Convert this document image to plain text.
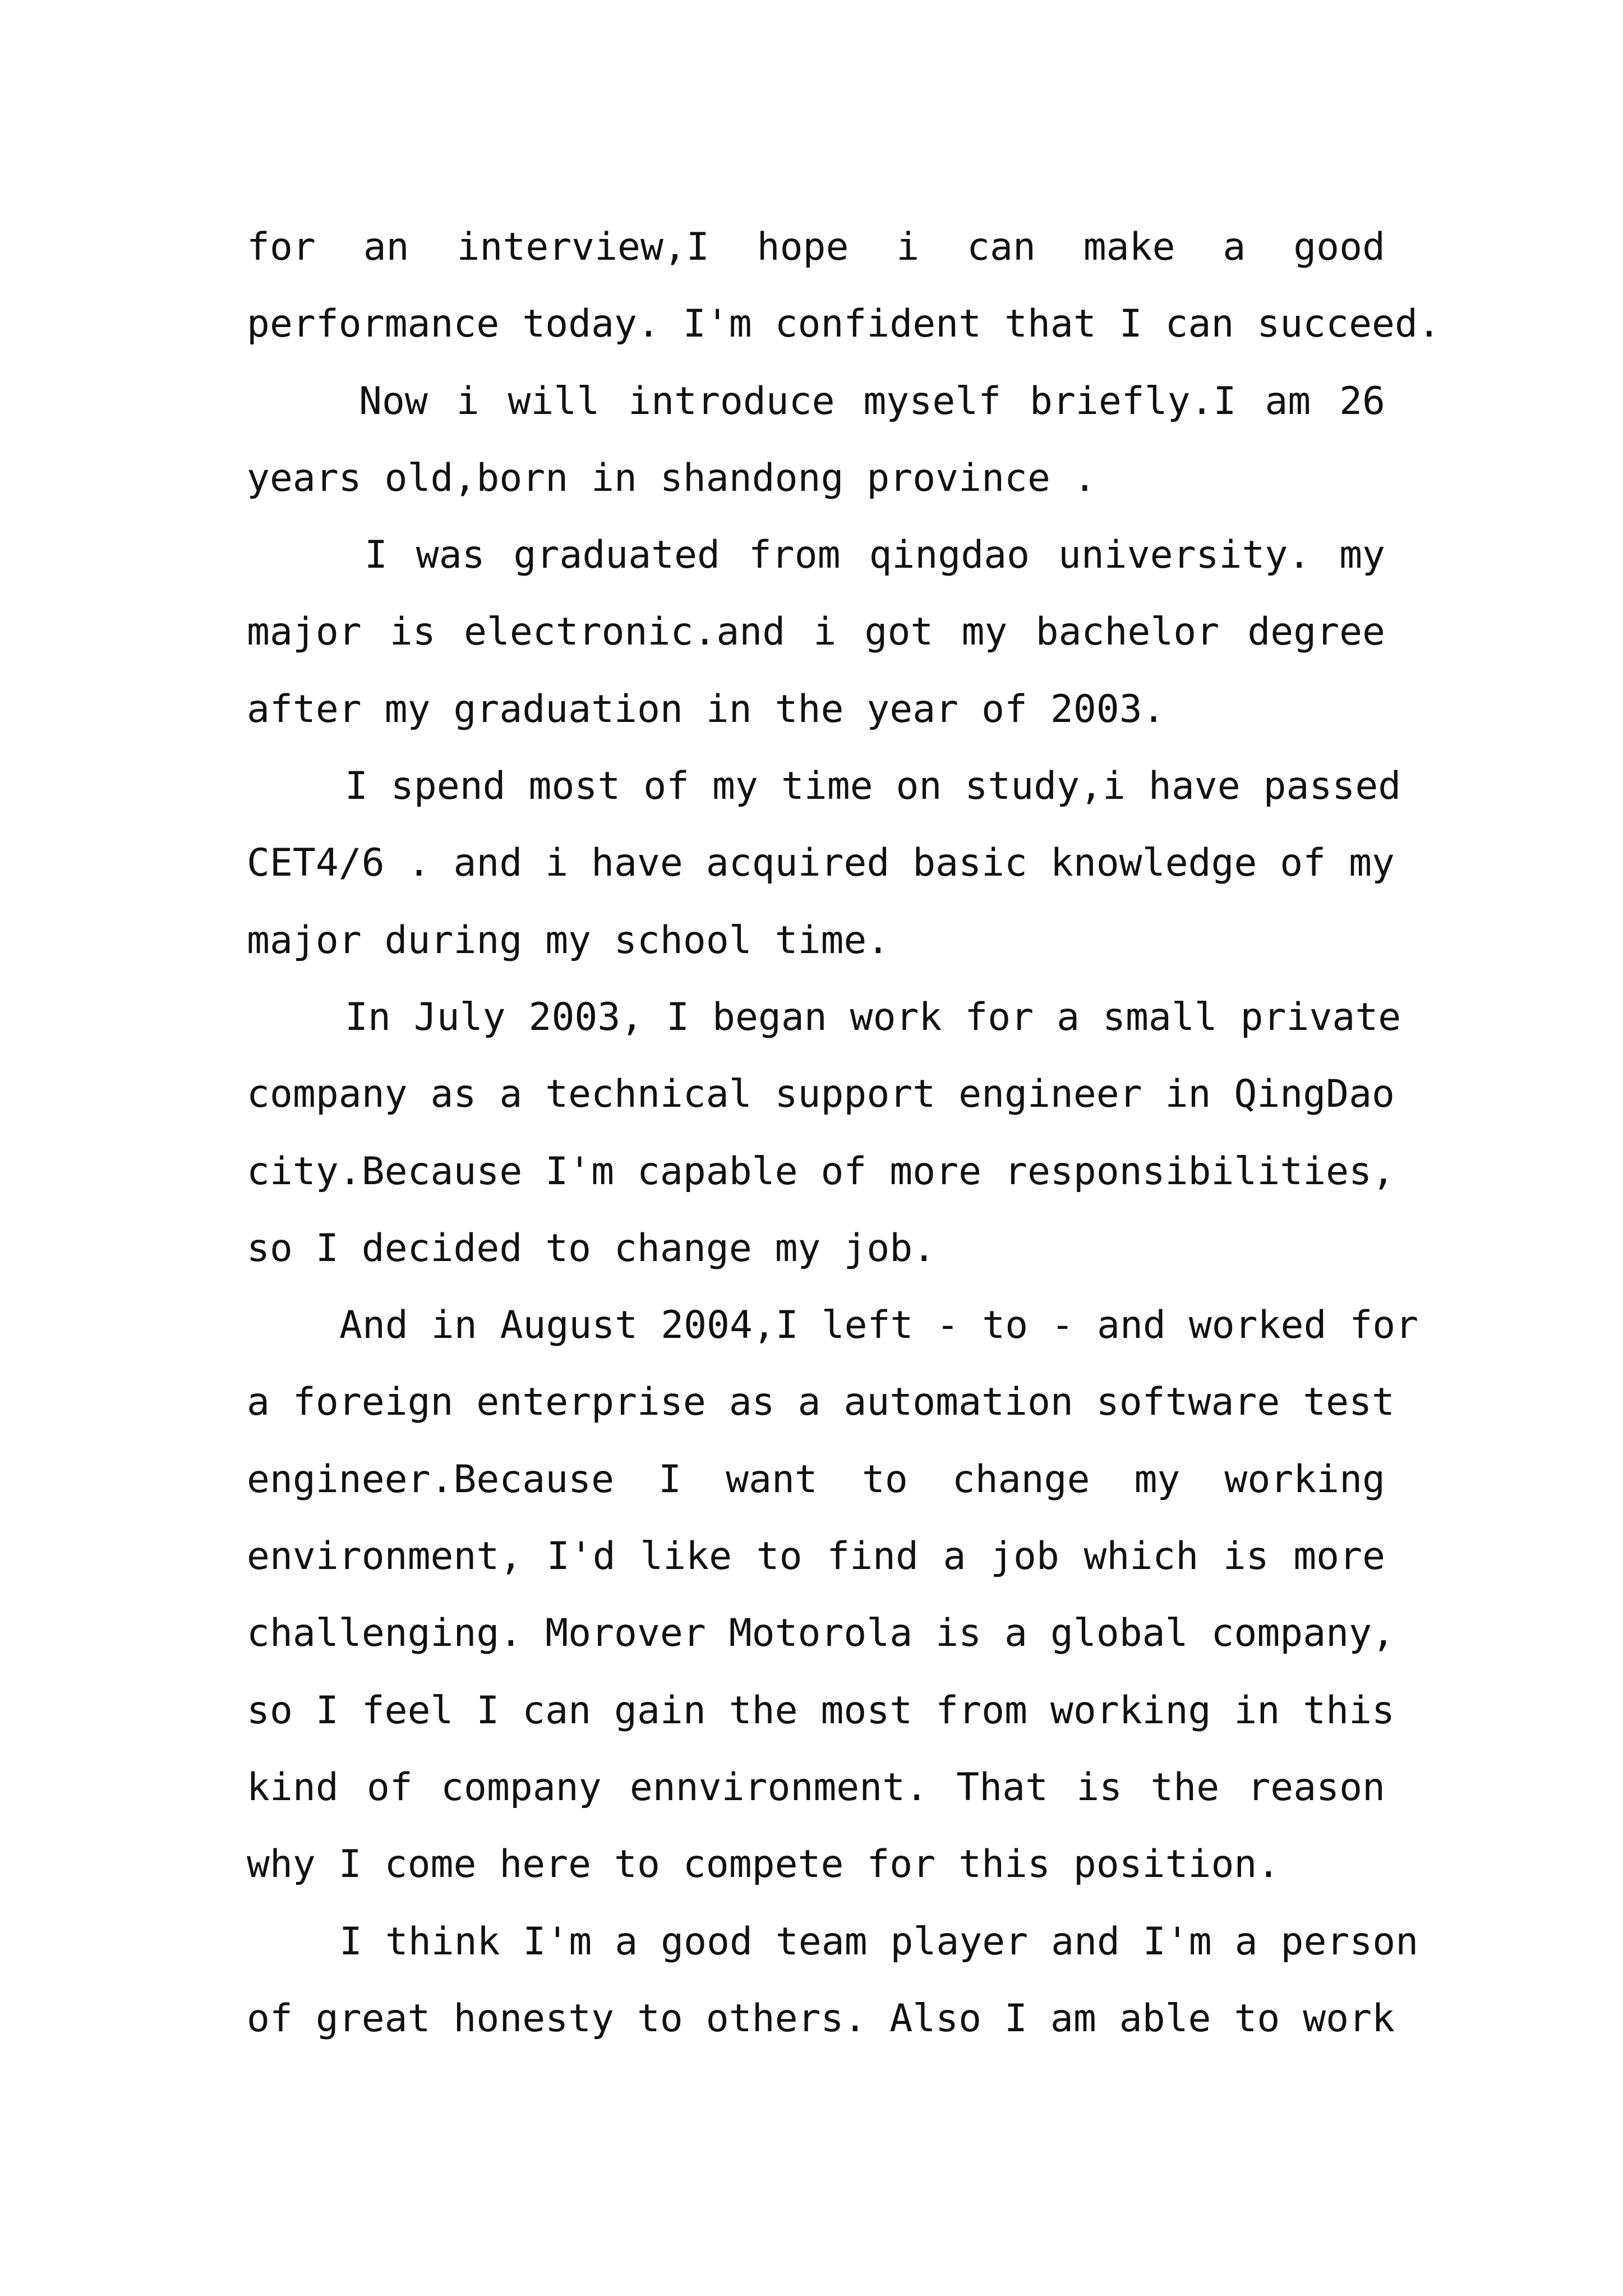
for an interview,I hope i can make a good
performance today. I'm confident that I can succeed.
Now i will introduce myself briefly.I am 26
years old,born in shandong province .
I was graduated from qingdao university. my
major is electronic.and i got my bachelor degree
after my graduation in the year of 2003.
I spend most of my time on study,i have passed
CET4/6 . and i have acquired basic knowledge of my
major during my school time.
In July 2003, I began work for a small private
company as a technical support engineer in QingDao
city.Because I'm capable of more responsibilities,
so I decided to change my job.
And in August 2004,I left - to - and worked for
a foreign enterprise as a automation software test
engineer.Because I want to change my working
environment, I'd like to find a job which is more
challenging. Morover Motorola is a global company,
so I feel I can gain the most from working in this
kind of company ennvironment. That is the reason
why I come here to compete for this position.
I think I'm a good team player and I'm a person
of great honesty to others. Also I am able to work
